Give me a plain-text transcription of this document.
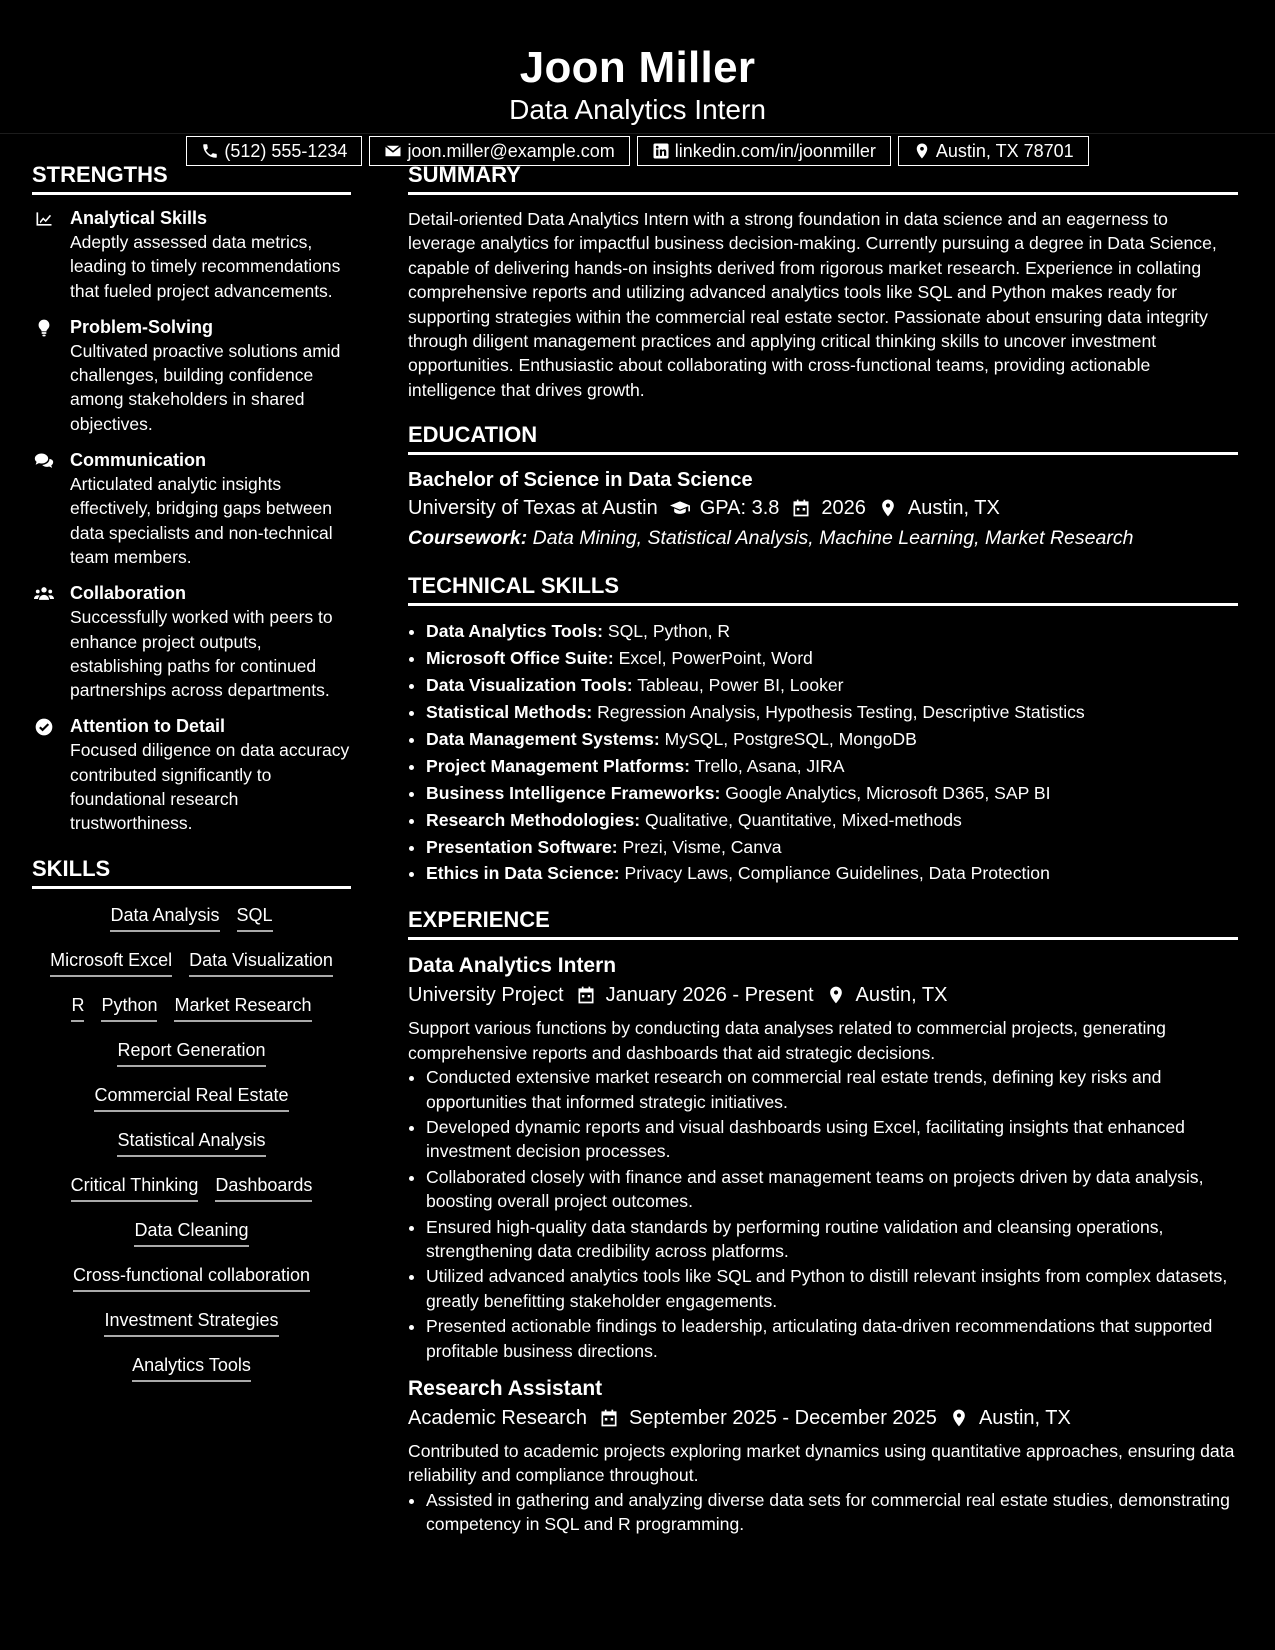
Joon Miller
Data Analytics Intern
(512) 555-1234	joon.miller@example.com	linkedin.com/in/joonmiller	Austin, TX 78701
STRENGTHS
Analytical Skills
Adeptly assessed data metrics, leading to timely recommendations that fueled project advancements.
Problem-Solving
Cultivated proactive solutions amid challenges, building confidence among stakeholders in shared objectives.
Communication
Articulated analytic insights effectively, bridging gaps between data specialists and non-technical team members.
Collaboration
Successfully worked with peers to enhance project outputs, establishing paths for continued partnerships across departments.
Attention to Detail
Focused diligence on data accuracy contributed significantly to foundational research trustworthiness.
SKILLS
Data Analysis SQL
Microsoft Excel Data Visualization
R Python Market Research
Report Generation
Commercial Real Estate
Statistical Analysis
Critical Thinking Dashboards
Data Cleaning
Cross-functional collaboration
Investment Strategies
Analytics Tools
SUMMARY

Detail-oriented Data Analytics Intern with a strong foundation in data science and an eagerness to leverage analytics for impactful business decision-making. Currently pursuing a degree in Data Science, capable of delivering hands-on insights derived from rigorous market research. Experience in collating comprehensive reports and utilizing advanced analytics tools like SQL and Python makes ready for supporting strategies within the commercial real estate sector. Passionate about ensuring data integrity through diligent management practices and applying critical thinking skills to uncover investment opportunities. Enthusiastic about collaborating with cross-functional teams, providing actionable intelligence that drives growth.

EDUCATION
Bachelor of Science in Data Science
University of Texas at Austin GPA: 3.8 2026 Austin, TX
Coursework: Data Mining, Statistical Analysis, Machine Learning, Market Research
TECHNICAL SKILLS
• Data Analytics Tools: SQL, Python, R
• Microsoft Office Suite: Excel, PowerPoint, Word
• Data Visualization Tools: Tableau, Power BI, Looker
• Statistical Methods: Regression Analysis, Hypothesis Testing, Descriptive Statistics
• Data Management Systems: MySQL, PostgreSQL, MongoDB
• Project Management Platforms: Trello, Asana, JIRA
• Business Intelligence Frameworks: Google Analytics, Microsoft D365, SAP BI
• Research Methodologies: Qualitative, Quantitative, Mixed-methods
• Presentation Software: Prezi, Visme, Canva
• Ethics in Data Science: Privacy Laws, Compliance Guidelines, Data Protection
EXPERIENCE
Data Analytics Intern
University Project January 2026 - Present Austin, TX
Support various functions by conducting data analyses related to commercial projects, generating comprehensive reports and dashboards that aid strategic decisions.
• Conducted extensive market research on commercial real estate trends, defining key risks and opportunities that informed strategic initiatives.
• Developed dynamic reports and visual dashboards using Excel, facilitating insights that enhanced investment decision processes.
• Collaborated closely with finance and asset management teams on projects driven by data analysis, boosting overall project outcomes.
• Ensured high-quality data standards by performing routine validation and cleansing operations, strengthening data credibility across platforms.
• Utilized advanced analytics tools like SQL and Python to distill relevant insights from complex datasets, greatly benefitting stakeholder engagements.
• Presented actionable findings to leadership, articulating data-driven recommendations that supported profitable business directions.
Research Assistant
Academic Research September 2025 - December 2025 Austin, TX
Contributed to academic projects exploring market dynamics using quantitative approaches, ensuring data reliability and compliance throughout.
• Assisted in gathering and analyzing diverse data sets for commercial real estate studies, demonstrating competency in SQL and R programming.
